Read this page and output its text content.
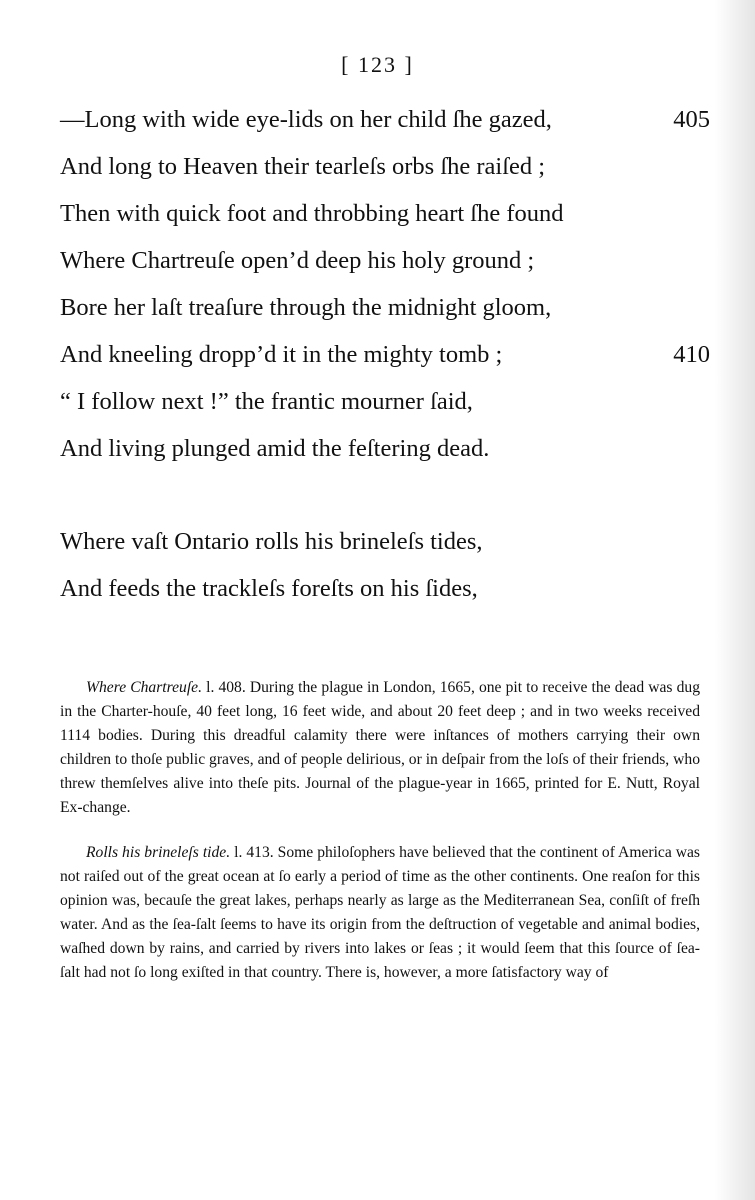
[ 123 ]
—Long with wide eye-lids on her child ſhe gazed,	405
And long to Heaven their tearleſs orbs ſhe raiſed ;
Then with quick foot and throbbing heart ſhe found
Where Chartreuſe open’d deep his holy ground ;
Bore her laſt treaſure through the midnight gloom,
And kneeling dropp’d it in the mighty tomb ;	410
“ I follow next !” the frantic mourner ſaid,
And living plunged amid the feſtering dead.
Where vaſt Ontario rolls his brineleſs tides,
And feeds the trackleſs foreſts on his ſides,

Where Chartreuſe. l. 408. During the plague in London, 1665, one pit to receive the dead was dug in the Charter-houſe, 40 feet long, 16 feet wide, and about 20 feet deep ; and in two weeks received 1114 bodies. During this dreadful calamity there were inſtances of mothers carrying their own children to thoſe public graves, and of people delirious, or in deſpair from the loſs of their friends, who threw themſelves alive into theſe pits. Journal of the plague-year in 1665, printed for E. Nutt, Royal Ex-change.

Rolls his brineleſs tide. l. 413. Some philoſophers have believed that the continent of America was not raiſed out of the great ocean at ſo early a period of time as the other continents. One reaſon for this opinion was, becauſe the great lakes, perhaps nearly as large as the Mediterranean Sea, conſiſt of freſh water. And as the ſea-ſalt ſeems to have its origin from the deſtruction of vegetable and animal bodies, waſhed down by rains, and carried by rivers into lakes or ſeas ; it would ſeem that this ſource of ſea-ſalt had not ſo long exiſted in that country. There is, however, a more ſatisfactory way of
